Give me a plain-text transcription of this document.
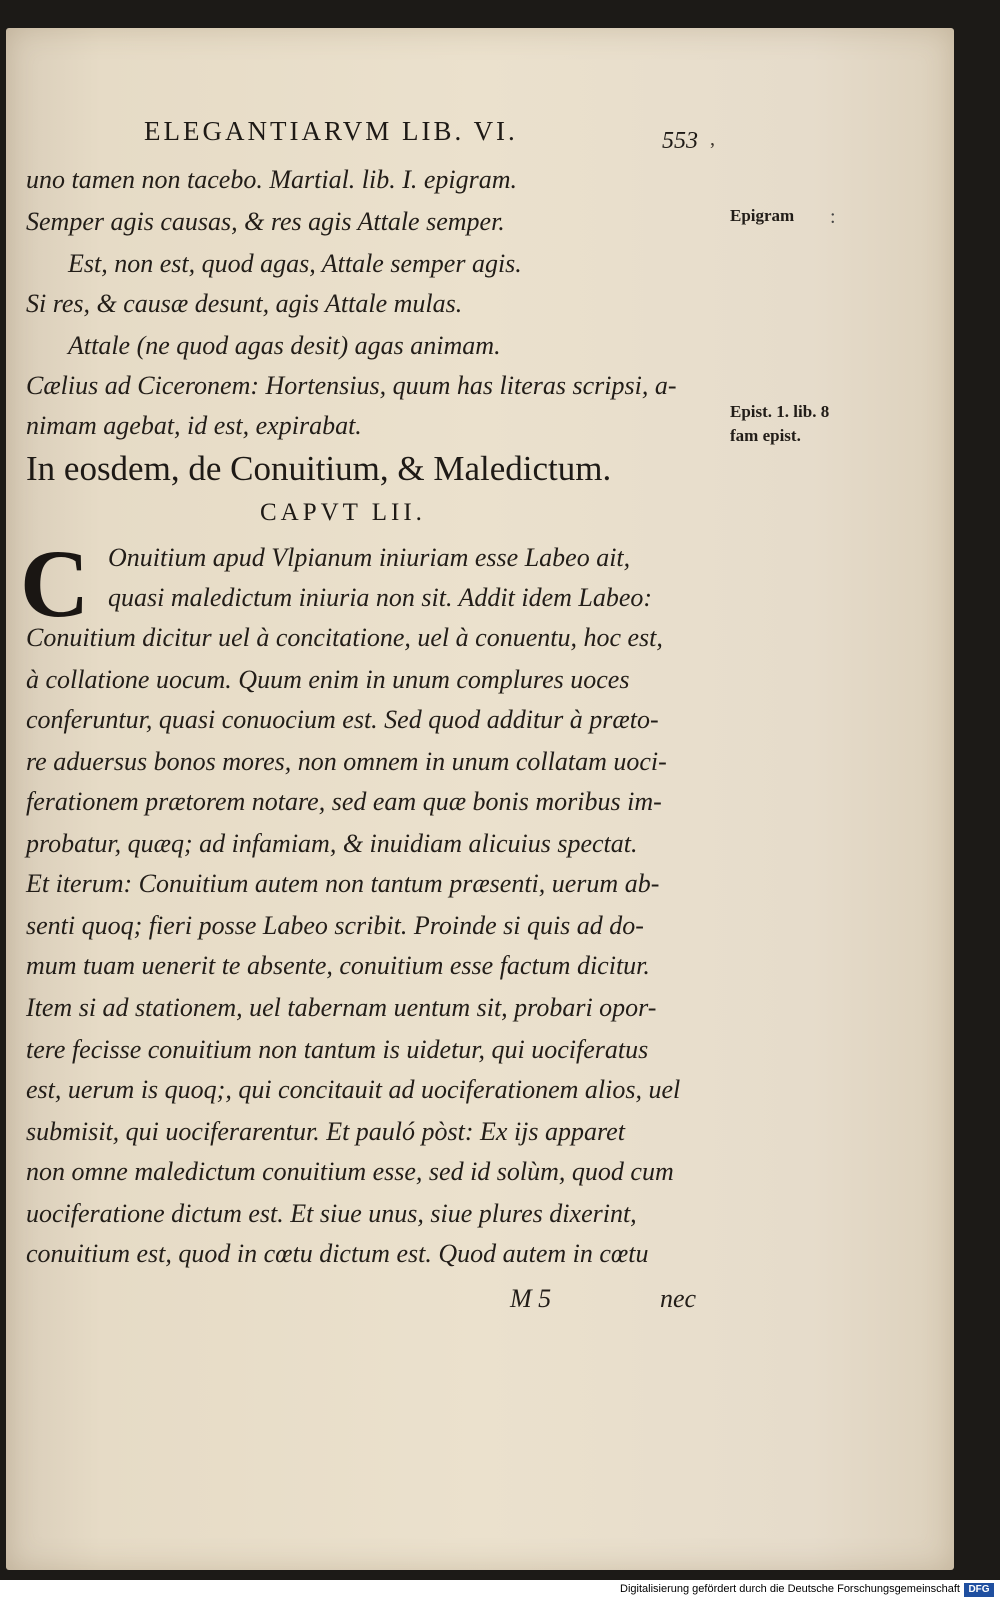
ELEGANTIARVM LIB. VI.	553 ,
uno tamen non tacebo. Martial. lib. I. epigram.
Semper agis causas, & res agis Attale semper.
Est, non est, quod agas, Attale semper agis.
Si res, & causæ desunt, agis Attale mulas.
Attale (ne quod agas desit) agas animam.
Cælius ad Ciceronem: Hortensius, quum has literas scripsi, a-
nimam agebat, id est, expirabat.
In eosdem, de Conuitium, & Maledictum.
CAPVT LII.
C Onuitium apud Vlpianum iniuriam esse Labeo ait,
quasi maledictum iniuria non sit. Addit idem Labeo:
Conuitium dicitur uel à concitatione, uel à conuentu, hoc est,
à collatione uocum. Quum enim in unum complures uoces
conferuntur, quasi conuocium est. Sed quod additur à præto-
re aduersus bonos mores, non omnem in unum collatam uoci-
ferationem prætorem notare, sed eam quæ bonis moribus im-
probatur, quæq; ad infamiam, & inuidiam alicuius spectat.
Et iterum: Conuitium autem non tantum præsenti, uerum ab-
senti quoq; fieri posse Labeo scribit. Proinde si quis ad do-
mum tuam uenerit te absente, conuitium esse factum dicitur.
Item si ad stationem, uel tabernam uentum sit, probari opor-
tere fecisse conuitium non tantum is uidetur, qui uociferatus
est, uerum is quoq;, qui concitauit ad uociferationem alios, uel
submisit, qui uociferarentur. Et pauló pòst: Ex ijs apparet
non omne maledictum conuitium esse, sed id solùm, quod cum
uociferatione dictum est. Et siue unus, siue plures dixerint,
conuitium est, quod in cœtu dictum est. Quod autem in cœtu
M 5	nec
Epigram :
Epist. 1. lib. 8
fam epist.
Digitalisierung gefördert durch die Deutsche Forschungsgemeinschaft DFG
